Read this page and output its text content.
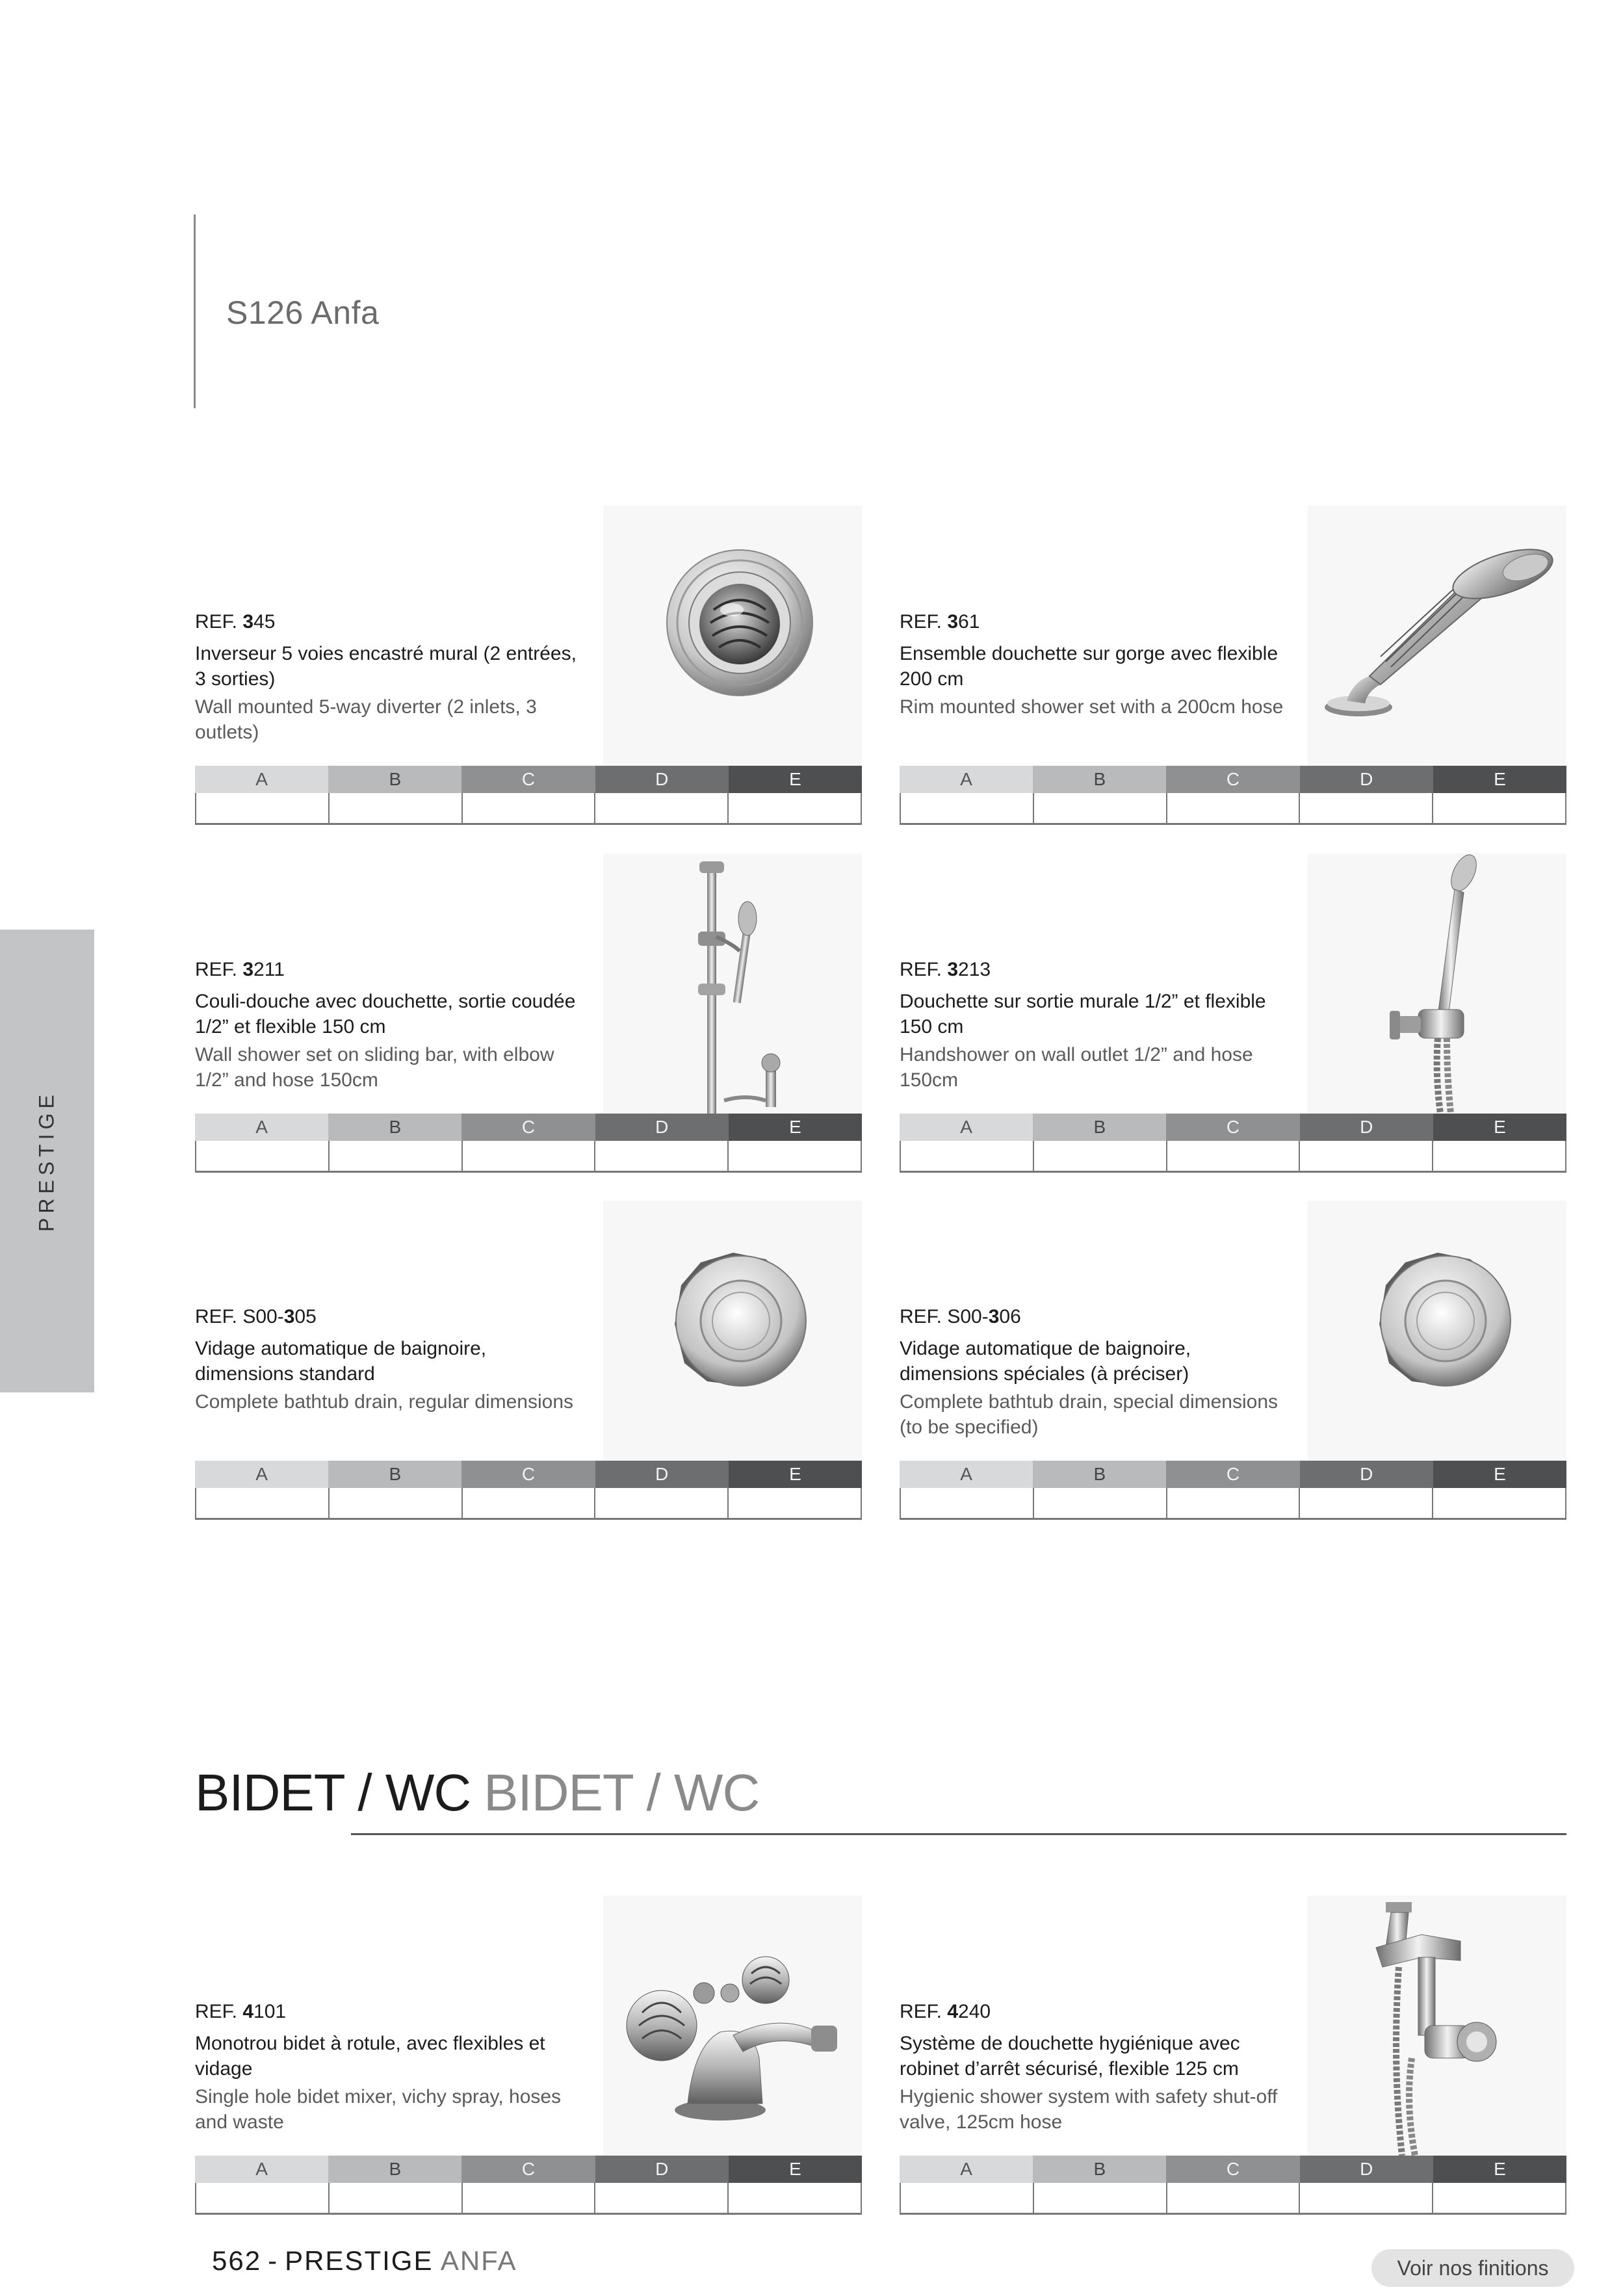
S126 Anfa
PRESTIGE
REF. 345
Inverseur 5 voies encastré mural (2 entrées, 3 sorties)
Wall mounted 5-way diverter (2 inlets, 3 outlets)
A	B	C	D	E
REF. 361
Ensemble douchette sur gorge avec flexible 200 cm
Rim mounted shower set with a 200cm hose
A	B	C	D	E
REF. 3211
Couli-douche avec douchette, sortie coudée 1/2” et flexible 150 cm
Wall shower set on sliding bar, with elbow 1/2” and hose 150cm
A	B	C	D	E
REF. 3213
Douchette sur sortie murale 1/2” et flexible 150 cm
Handshower on wall outlet 1/2” and hose 150cm
A	B	C	D	E
REF. S00-305
Vidage automatique de baignoire, dimensions standard
Complete bathtub drain, regular dimensions
A	B	C	D	E
REF. S00-306
Vidage automatique de baignoire, dimensions spéciales (à préciser)
Complete bathtub drain, special dimensions (to be specified)
A	B	C	D	E
BIDET / WC BIDET / WC
REF. 4101
Monotrou bidet à rotule, avec flexibles et vidage
Single hole bidet mixer, vichy spray, hoses and waste
A	B	C	D	E
REF. 4240
Système de douchette hygiénique avec robinet d’arrêt sécurisé, flexible 125 cm
Hygienic shower system with safety shut-off valve, 125cm hose
A	B	C	D	E
562 - PRESTIGE ANFA	Voir nos finitions
